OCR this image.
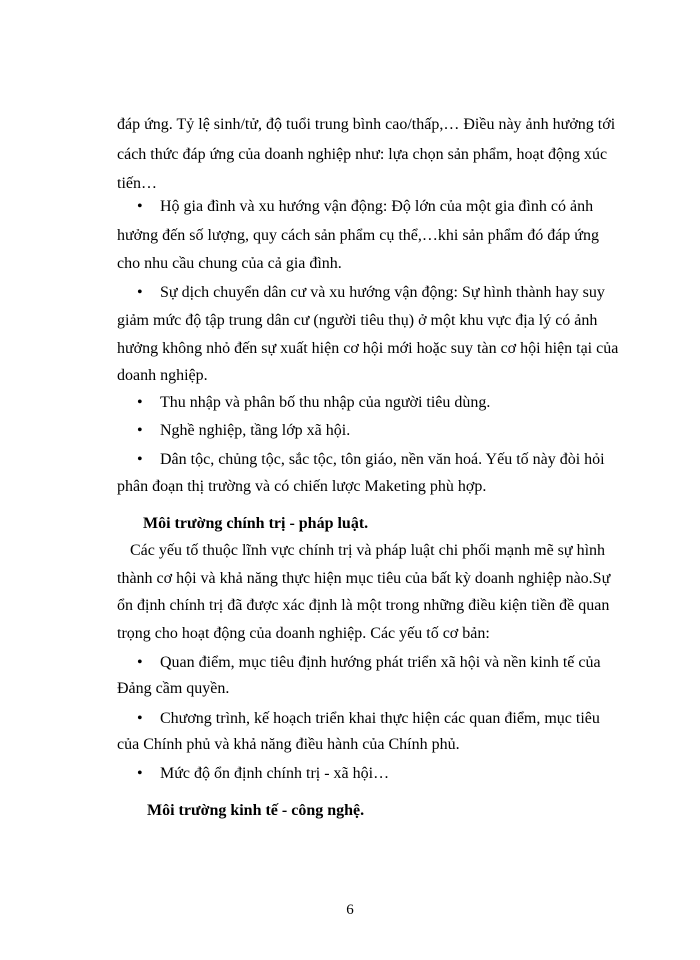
đáp ứng. Tỷ lệ sinh/tử, độ tuổi trung bình cao/thấp,… Điều này ảnh hưởng tới
cách thức đáp ứng của doanh nghiệp như: lựa chọn sản phẩm, hoạt động xúc
tiến…
• Hộ gia đình và xu hướng vận động: Độ lớn của một gia đình có ảnh
hưởng đến số lượng, quy cách sản phẩm cụ thể,…khi sản phẩm đó đáp ứng
cho nhu cầu chung của cả gia đình.
• Sự dịch chuyển dân cư và xu hướng vận động: Sự hình thành hay suy
giảm mức độ tập trung dân cư (người tiêu thụ) ở một khu vực địa lý có ảnh
hưởng không nhỏ đến sự xuất hiện cơ hội mới hoặc suy tàn cơ hội hiện tại của
doanh nghiệp.
• Thu nhập và phân bố thu nhập của người tiêu dùng.
• Nghề nghiệp, tầng lớp xã hội.
• Dân tộc, chủng tộc, sắc tộc, tôn giáo, nền văn hoá. Yếu tố này đòi hỏi
phân đoạn thị trường và có chiến lược Maketing phù hợp.
Môi trường chính trị - pháp luật.
Các yếu tố thuộc lĩnh vực chính trị và pháp luật chi phối mạnh mẽ sự hình
thành cơ hội và khả năng thực hiện mục tiêu của bất kỳ doanh nghiệp nào.Sự
ổn định chính trị đã được xác định là một trong những điều kiện tiền đề quan
trọng cho hoạt động của doanh nghiệp. Các yếu tố cơ bản:
• Quan điểm, mục tiêu định hướng phát triển xã hội và nền kinh tế của
Đảng cầm quyền.
• Chương trình, kế hoạch triển khai thực hiện các quan điểm, mục tiêu
của Chính phủ và khả năng điều hành của Chính phủ.
• Mức độ ổn định chính trị - xã hội…
Môi trường kinh tế - công nghệ.
6
